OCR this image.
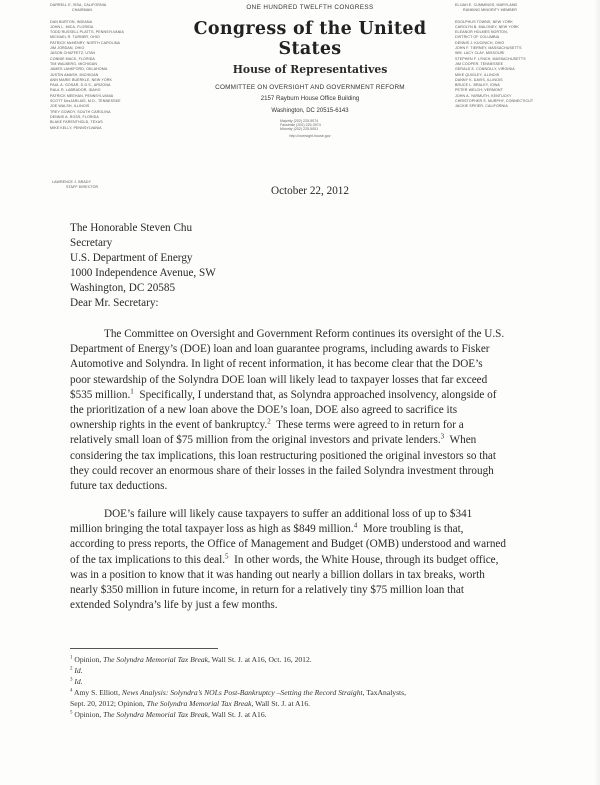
DARRELL E. ISSA, CALIFORNIA
CHAIRMAN
DAN BURTON, INDIANA
JOHN L. MICA, FLORIDA
TODD RUSSELL PLATTS, PENNSYLVANIA
MICHAEL R. TURNER, OHIO
PATRICK McHENRY, NORTH CAROLINA
JIM JORDAN, OHIO
JASON CHAFFETZ, UTAH
CONNIE MACK, FLORIDA
TIM WALBERG, MICHIGAN
JAMES LANKFORD, OKLAHOMA
JUSTIN AMASH, MICHIGAN
ANN MARIE BUERKLE, NEW YORK
PAUL A. GOSAR, D.D.S., ARIZONA
RAUL R. LABRADOR, IDAHO
PATRICK MEEHAN, PENNSYLVANIA
SCOTT DesJARLAIS, M.D., TENNESSEE
JOE WALSH, ILLINOIS
TREY GOWDY, SOUTH CAROLINA
DENNIS A. ROSS, FLORIDA
BLAKE FARENTHOLD, TEXAS
MIKE KELLY, PENNSYLVANIA
LAWRENCE J. BRADY
STAFF DIRECTOR
ONE HUNDRED TWELFTH CONGRESS
Congress of the United States
House of Representatives
COMMITTEE ON OVERSIGHT AND GOVERNMENT REFORM
2157 Rayburn House Office Building
Washington, DC 20515-6143
Majority (202) 225-5074
Facsimile (202) 225-3974
Minority (202) 225-5051
http://oversight.house.gov
ELIJAH E. CUMMINGS, MARYLAND
RANKING MINORITY MEMBER
EDOLPHUS TOWNS, NEW YORK
CAROLYN B. MALONEY, NEW YORK
ELEANOR HOLMES NORTON,
DISTRICT OF COLUMBIA
DENNIS J. KUCINICH, OHIO
JOHN F. TIERNEY, MASSACHUSETTS
WM. LACY CLAY, MISSOURI
STEPHEN F. LYNCH, MASSACHUSETTS
JIM COOPER, TENNESSEE
GERALD E. CONNOLLY, VIRGINIA
MIKE QUIGLEY, ILLINOIS
DANNY K. DAVIS, ILLINOIS
BRUCE L. BRALEY, IOWA
PETER WELCH, VERMONT
JOHN A. YARMUTH, KENTUCKY
CHRISTOPHER S. MURPHY, CONNECTICUT
JACKIE SPEIER, CALIFORNIA
October 22, 2012
The Honorable Steven Chu
Secretary
U.S. Department of Energy
1000 Independence Avenue, SW
Washington, DC 20585
Dear Mr. Secretary:
The Committee on Oversight and Government Reform continues its oversight of the U.S.
Department of Energy’s (DOE) loan and loan guarantee programs, including awards to Fisker
Automotive and Solyndra. In light of recent information, it has become clear that the DOE’s
poor stewardship of the Solyndra DOE loan will likely lead to taxpayer losses that far exceed
$535 million.$^1$  Specifically, I understand that, as Solyndra approached insolvency, alongside of
the prioritization of a new loan above the DOE’s loan, DOE also agreed to sacrifice its
ownership rights in the event of bankruptcy.$^2$  These terms were agreed to in return for a
relatively small loan of $75 million from the original investors and private lenders.$^3$  When
considering the tax implications, this loan restructuring positioned the original investors so that
they could recover an enormous share of their losses in the failed Solyndra investment through
future tax deductions.
DOE’s failure will likely cause taxpayers to suffer an additional loss of up to $341
million bringing the total taxpayer loss as high as $849 million.$^4$  More troubling is that,
according to press reports, the Office of Management and Budget (OMB) understood and warned
of the tax implications to this deal.$^5$  In other words, the White House, through its budget office,
was in a position to know that it was handing out nearly a billion dollars in tax breaks, worth
nearly $350 million in future income, in return for a relatively tiny $75 million loan that
extended Solyndra’s life by just a few months.
$^1$ Opinion, The Solyndra Memorial Tax Break, Wall St. J. at A16, Oct. 16, 2012.
$^2$ Id.
$^3$ Id.
$^4$ Amy S. Elliott, News Analysis: Solyndra’s NOLs Post-Bankruptcy –Setting the Record Straight, TaxAnalysts,
Sept. 20, 2012; Opinion, The Solyndra Memorial Tax Break, Wall St. J. at A16.
$^5$ Opinion, The Solyndra Memorial Tax Break, Wall St. J. at A16.
